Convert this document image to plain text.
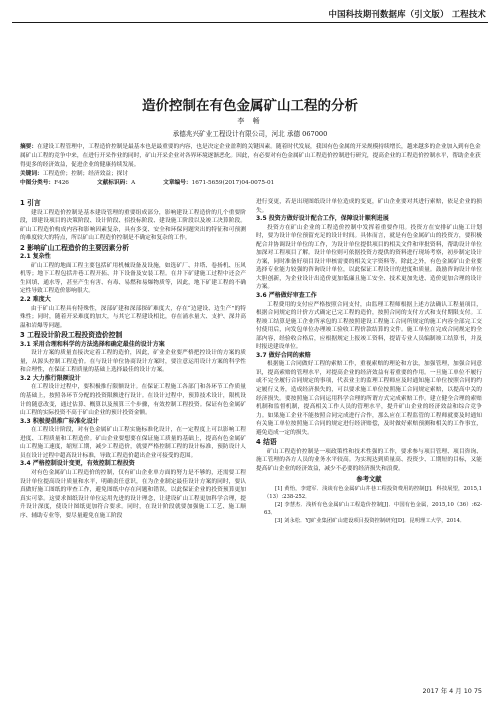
中国科技期刊数据库（引文版） 工程技术
造价控制在有色金属矿山工程的分析
李 畅
承德兆兴矿业工程设计有限公司，河北 承德 067000
摘要：在建设工程管理中，工程造价控制是最基本也是最重要的内容，也是决定企业盈利的关键因素。随着时代发展，我国有色金属的开采规模持续增长，越来越多的企业加入到有色金属矿山工程的竞争中来，在进行开采作业的同时，矿山开采企业对各界环境逐渐恶化。因此，有必要对有色金属矿山工程造价控制进行研究，提高企业的工程造价控制水平，帮助企业获得更多的经济效益，促进企业的健康持续发展。
关键词：工程造价；控制；经济效益；探讨
中图分类号：F426	文献标识码：A	文章编号：1671-5659(2017)04-0075-01
1 引言

建设工程造价控制是基本建设管理的重要组成部分，影响建设工程造价的几个重要阶段，即建设项目的决策阶段、设计阶段、招投标阶段、建设施工阶段以及竣工决算阶段。矿山工程造价构成内容和影响因素复杂，具有多变、安全和环保问题突出的特征和可预测的难度较大的特点，所以矿山工程造价控制是不确定和复杂的工作。

2 影响矿山工程造价的主要因素分析
2.1 复杂性

矿山工程的地面工程主要包括矿用机械设备及设施，如选矿厂、井塔、卷扬机、压风机等；地下工程包括井巷工程开拓、井下设备及安装工程。在井下矿建施工过程中还会产生回填、通水等，甚至产生有害、有毒、易燃和易爆物质等，因此，地下矿建工程的不确定性导致工程造价影响很大。

2.2 难度大

由于矿山工程具有特殊性，深部矿建和深部探矿难度大，存在“边建设、边生产”的特殊性；同时，随着开采难度的加大，与其它工程建设相比，存在涌水量大、支护、深井高温和岩爆等问题。

3 工程设计阶段工程投资造价控制
3.1 采用合理和科学的方法选择和确定最佳的设计方案

设计方案的质量直接决定着工程的造价，因此，矿业企业要严格把控设计的方案的质量，从源头控制工程造价。在与设计单位协商设计方案时，要注意运用设计方案的科学性和合理性，在保证工程质量的基础上选择最佳的设计方案。

3.2 大力推行限额设计

在工程设计过程中，要积极推行限额设计。在保证工程施工各部门和各环节工作质量的基础上，按照各环节分配的投资限额进行设计。在设计过程中，预算技术设计，限机设计的随意改变，通过估算、概算以及预算三个步骤，有效控制工程投资。保证有色金属矿山工程的实际投资不高于矿山企业的预计投资金额。

3.3 积极提倡推广标准化设计

在工程设计阶段，对有色金属矿山工程实施标准化设计，在一定程度上可以影响工程进度、工程质量和工程造价。矿山企业要想要在保证施工质量的基础上，提高有色金属矿山工程施工速度，缩短工期，减少工程造价，就要严格控制工程的设计标准，预防设计人员在设计过程中超高设计标准，导致工程造价超出企业可接受的范围。

3.4 严格控制设计变更，有效控制工程投资

对有色金属矿山工程造价的控制，仅有矿山企业单方面的努力是不够的，还需要工程设计单位提高设计质量和水平，明确责任意识，在为企业制定最佳设计方案的同时，要认真做好施工图纸的审查工作，避免图纸中存在问题和错误，以此保证企业的投资预算更加真实可靠。这要求图纸设计单位运用先进的设计理念，让建设矿山工程更加科学合理，提升设计深度，使设计图纸更加符合要求。同时，在设计阶段就要加强施工工艺、施工顺序、辅助专业等，要尽量避免在施工阶段

进行变更，若是出现图纸设计单位造成的变更，矿山企业要对其进行索赔，依足企业的损失。

3.5 投资方做好设计配合工作，保障设计顺利进展

投资方在矿山企业的工程造价控制中发挥着重要作用。投资方在安排矿山施工计划时，要为设计单位预留充足的设计时间。具体而言，就是有色金属矿山的投资方，要积极配合并协调设计单位的工作，为设计单位提供项目的相关文件和审批资料，帮助设计单位加深对工程项目了解。设计单位则可依据投资方提供的资料进行现场考察，初步制定设计方案，同时准备好项目设计审核需要的相关文字资料等。除此之外，有色金属矿山企业要选择专业能力较强的咨询设计单位，以此保证工程设计的进度和质量。鼓励咨询设计单位大胆创新，为企业设计出造价更加低廉且施工安全、技术更加先进、造价更加合理的设计方案。

3.6 严格做好审查工作

工程费用的支付应严格按照合同支付，由监理工程师根据上述方法确认工程量项目，根据合同规定的计价方式确定已完工程的造价，按照合同的支付方式和支付期限支付。工程竣工结算是施工企业所承包的工程按照建设工程施工合同所规定的施工内容全部完工交付使用后，向发包单位办理竣工验收工程价款结算的文件。施工单位在完成合同规定的全部内容，经验收合格后，应根据规定上报竣工资料，提请专业人员编制竣工结算书，并及时报送建设单位。

3.7 做好合同的索赔

根据施工合同做好工程的索赔工作，重视索赔的理论和方法，加强管理，加强合同意识，提高索赔的管理水平，对提高企业的经济效益有着重要的作用。一旦施工单位不履行或不完全履行合同规定的事项，代表业主的监理工程师应及时通知施工单位按照合同的约定履行义务，造成经济损失的，可以要求施工单位按照施工合同规定索赔，以提高中关的经济损失。要按照施工合同运用科学合理的所谓方式完成索赔工作。建立健全合理的索赔机制和监督机制，提高相关工作人员的管理水平，提升矿山企业的经济效益和综合竞争力。如果施工企业不能按照合同完成进行合作，那么应在工程监管的工程师就要及时通知有关施工单位按照施工合同的规定进行经济赔偿，及时做好索赔预测和相关的工作事宜，避免造成一定的损失。

4 结语

矿山工程造价控制是一项政策性和技术性强的工作，要求参与项目管理、项目咨询、施工管理的各方人员的业务水平较高。为实现达到质量高、投资少、工期短的目标，又能提高矿山企业的经济效益，减少不必要的经济损失和浪费。

参考文献

[1] 黄怡，李建军．浅谈有色金属矿山井巷工程投资费用的控制[J]．科技展望，2015,1（13）:238-252．

[2] 李慧杰．浅析有色金属矿山工程造价控制[J]．中国有色金属，2015,10（36）:62-63．

[3] 刘永松．YJ矿业集团矿山建设项目投资控制研究[D]．昆明理工大学，2014．

2017 年 4 月 10 75
